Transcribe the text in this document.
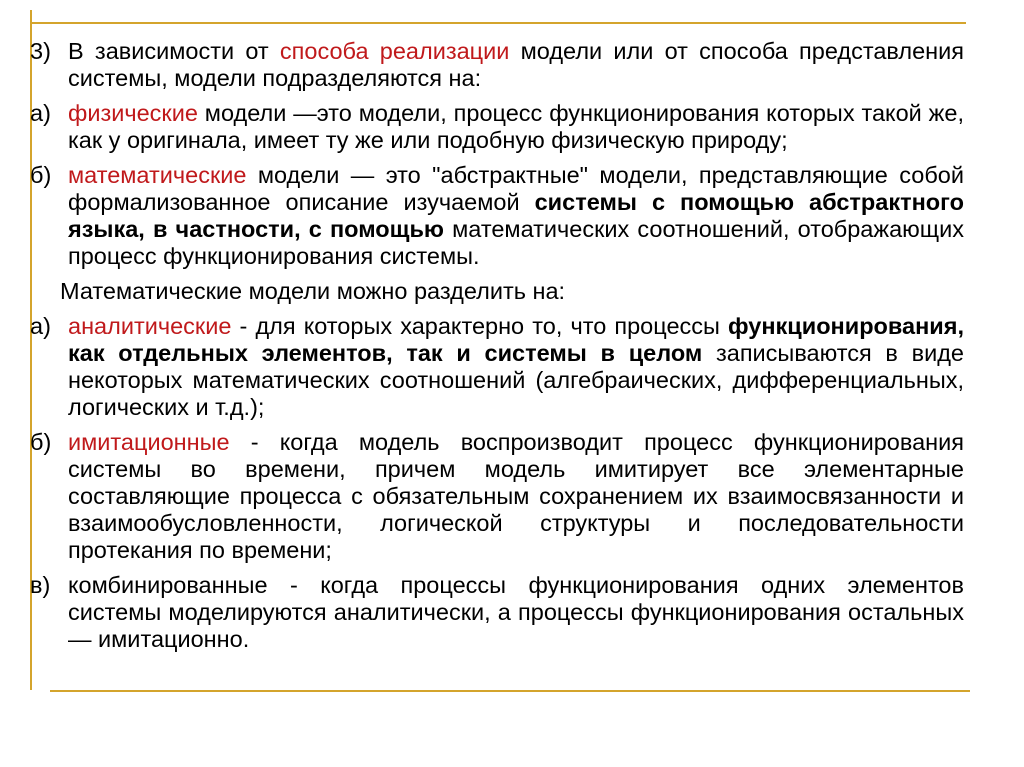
3) В зависимости от способа реализации модели или от способа представления системы, модели подразделяются на:
а) физические модели —это модели, процесс функционирования которых такой же, как у оригинала, имеет ту же или подобную физическую природу;
б) математические модели — это "абстрактные" модели, представляющие собой формализованное описание изучаемой системы с помощью абстрактного языка, в частности, с помощью математических соотношений, отображающих процесс функционирования системы.
Математические модели можно разделить на:
а) аналитические - для которых характерно то, что процессы функционирования, как отдельных элементов, так и системы в целом записываются в виде некоторых математических соотношений (алгебраических, дифференциальных, логических и т.д.);
б) имитационные - когда модель воспроизводит процесс функционирования системы во времени, причем модель имитирует все элементарные составляющие процесса с обязательным сохранением их взаимосвязанности и взаимообусловленности, логической структуры и последовательности протекания по времени;
в) комбинированные - когда процессы функционирования одних элементов системы моделируются аналитически, а процессы функционирования остальных — имитационно.
